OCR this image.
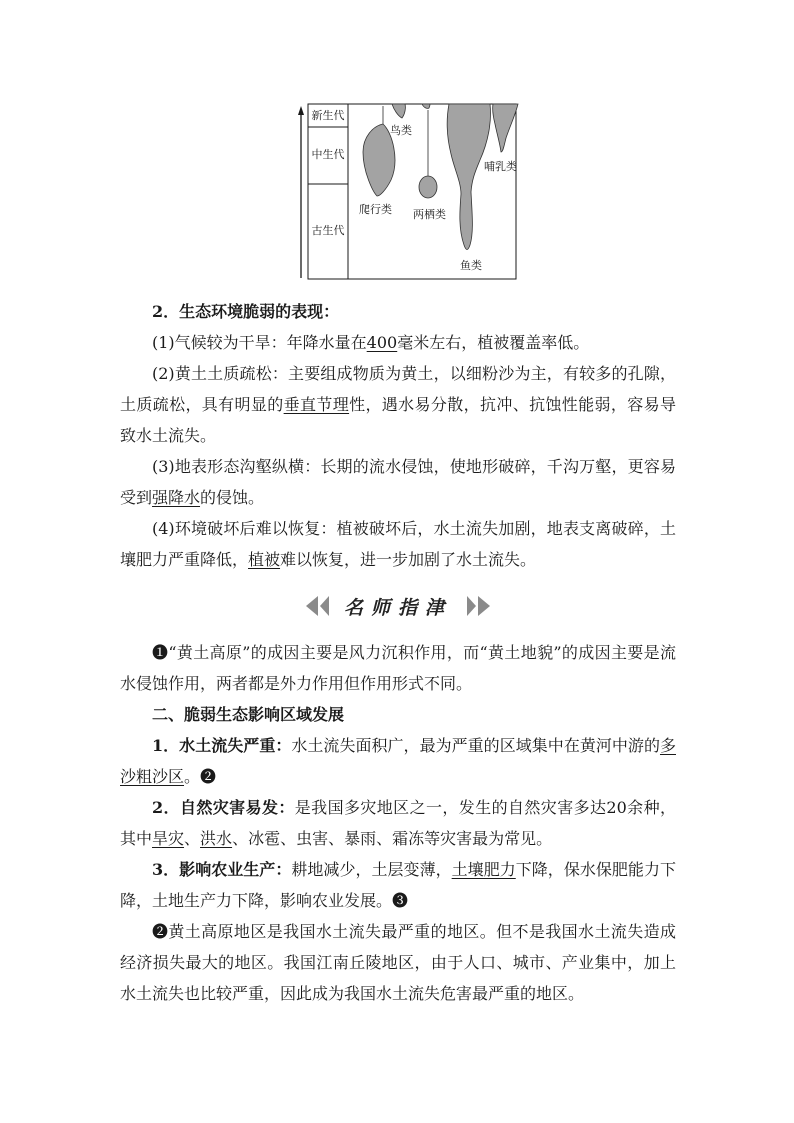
新生代
中生代
古生代
鸟类
哺乳类
爬行类 两栖类
鱼类

2．生态环境脆弱的表现：

(1)气候较为干旱：年降水量在400毫米左右，植被覆盖率低。

(2)黄土土质疏松：主要组成物质为黄土，以细粉沙为主，有较多的孔隙，土质疏松，具有明显的垂直节理性，遇水易分散，抗冲、抗蚀性能弱，容易导致水土流失。

(3)地表形态沟壑纵横：长期的流水侵蚀，使地形破碎，千沟万壑，更容易受到强降水的侵蚀。

(4)环境破坏后难以恢复：植被破坏后，水土流失加剧，地表支离破碎，土壤肥力严重降低，植被难以恢复，进一步加剧了水土流失。

名师指津

❶“黄土高原”的成因主要是风力沉积作用，而“黄土地貌”的成因主要是流水侵蚀作用，两者都是外力作用但作用形式不同。

二、脆弱生态影响区域发展

1．水土流失严重：水土流失面积广，最为严重的区域集中在黄河中游的多沙粗沙区。❷

2．自然灾害易发：是我国多灾地区之一，发生的自然灾害多达20余种，其中旱灾、洪水、冰雹、虫害、暴雨、霜冻等灾害最为常见。

3．影响农业生产：耕地减少，土层变薄，土壤肥力下降，保水保肥能力下降，土地生产力下降，影响农业发展。❸

❷黄土高原地区是我国水土流失最严重的地区。但不是我国水土流失造成经济损失最大的地区。我国江南丘陵地区，由于人口、城市、产业集中，加上水土流失也比较严重，因此成为我国水土流失危害最严重的地区。
